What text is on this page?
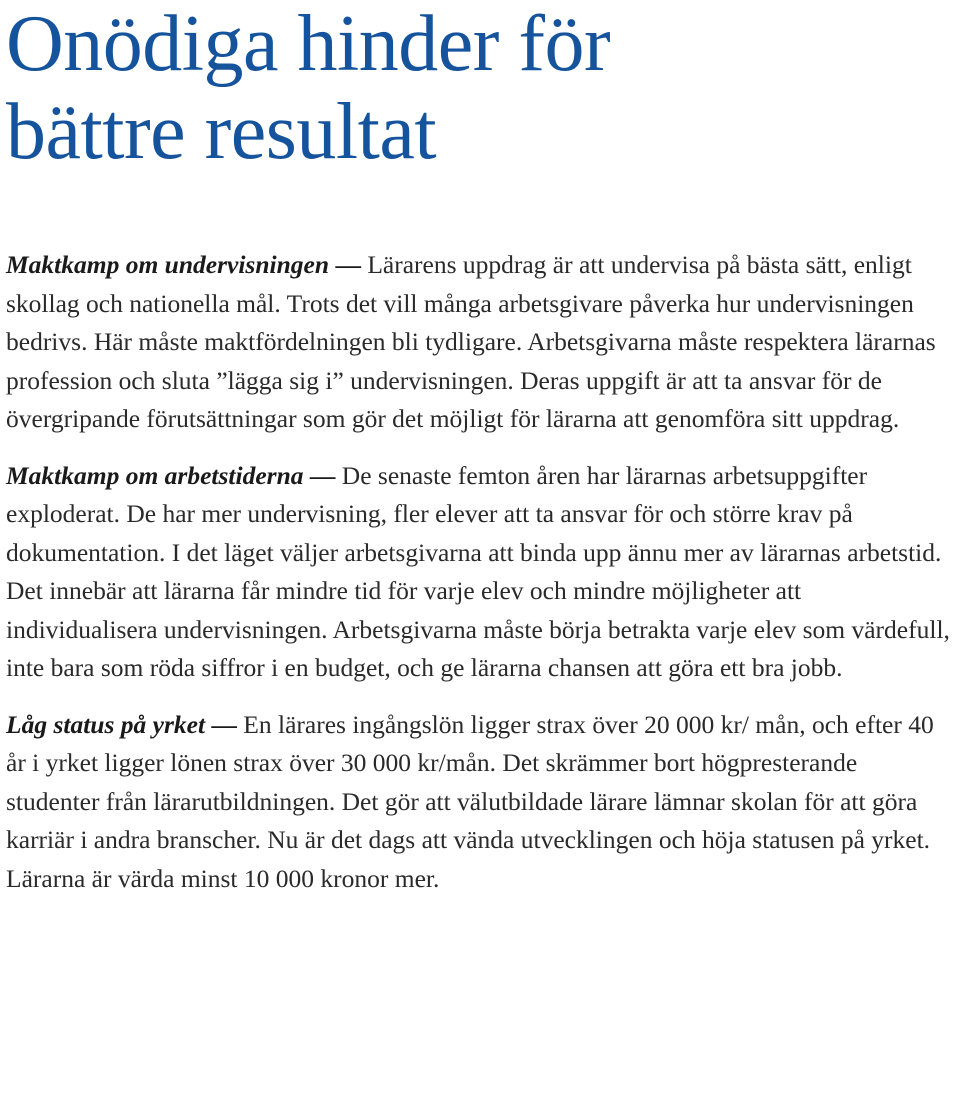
Onödiga hinder för
bättre resultat

Maktkamp om undervisningen — Lärarens uppdrag är att undervisa på bästa sätt, enligt skollag och nationella mål. Trots det vill många arbetsgivare påverka hur undervisningen bedrivs. Här måste maktfördelningen bli tydligare. Arbetsgivarna måste respektera lärarnas profession och sluta ”lägga sig i” undervisningen. Deras uppgift är att ta ansvar för de övergripande förutsättningar som gör det möjligt för lärarna att genomföra sitt uppdrag.

Maktkamp om arbetstiderna — De senaste femton åren har lärarnas arbetsuppgifter exploderat. De har mer undervisning, fler elever att ta ansvar för och större krav på dokumentation. I det läget väljer arbetsgivarna att binda upp ännu mer av lärarnas arbetstid. Det innebär att lärarna får mindre tid för varje elev och mindre möjligheter att individualisera undervisningen. Arbetsgivarna måste börja betrakta varje elev som värdefull, inte bara som röda siffror i en budget, och ge lärarna chansen att göra ett bra jobb.

Låg status på yrket — En lärares ingångslön ligger strax över 20 000 kr/ mån, och efter 40 år i yrket ligger lönen strax över 30 000 kr/mån. Det skrämmer bort högpresterande studenter från lärarutbildningen. Det gör att välutbildade lärare lämnar skolan för att göra karriär i andra branscher. Nu är det dags att vända utvecklingen och höja statusen på yrket. Lärarna är värda minst 10 000 kronor mer.
